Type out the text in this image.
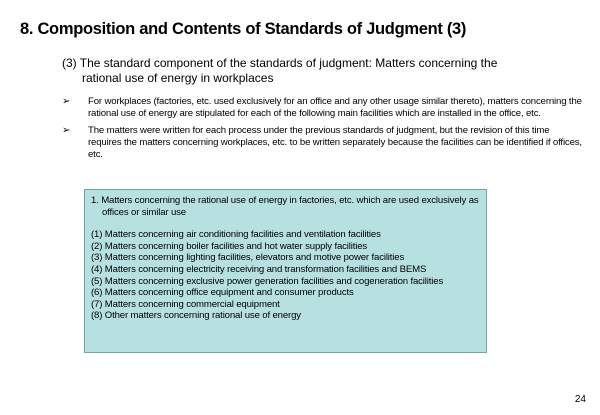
8. Composition and Contents of Standards of Judgment (3)
(3) The standard component of the standards of judgment: Matters concerning the
rational use of energy in workplaces
➢ For workplaces (factories, etc. used exclusively for an office and any other usage similar thereto), matters concerning the rational use of energy are stipulated for each of the following main facilities which are installed in the office, etc.
➢ The matters were written for each process under the previous standards of judgment, but the revision of this time requires the matters concerning workplaces, etc. to be written separately because the facilities can be identified if offices, etc.
1. Matters concerning the rational use of energy in factories, etc. which are used exclusively as offices or similar use
(1) Matters concerning air conditioning facilities and ventilation facilities
(2) Matters concerning boiler facilities and hot water supply facilities
(3) Matters concerning lighting facilities, elevators and motive power facilities
(4) Matters concerning electricity receiving and transformation facilities and BEMS
(5) Matters concerning exclusive power generation facilities and cogeneration facilities
(6) Matters concerning office equipment and consumer products
(7) Matters concerning commercial equipment
(8) Other matters concerning rational use of energy
24
